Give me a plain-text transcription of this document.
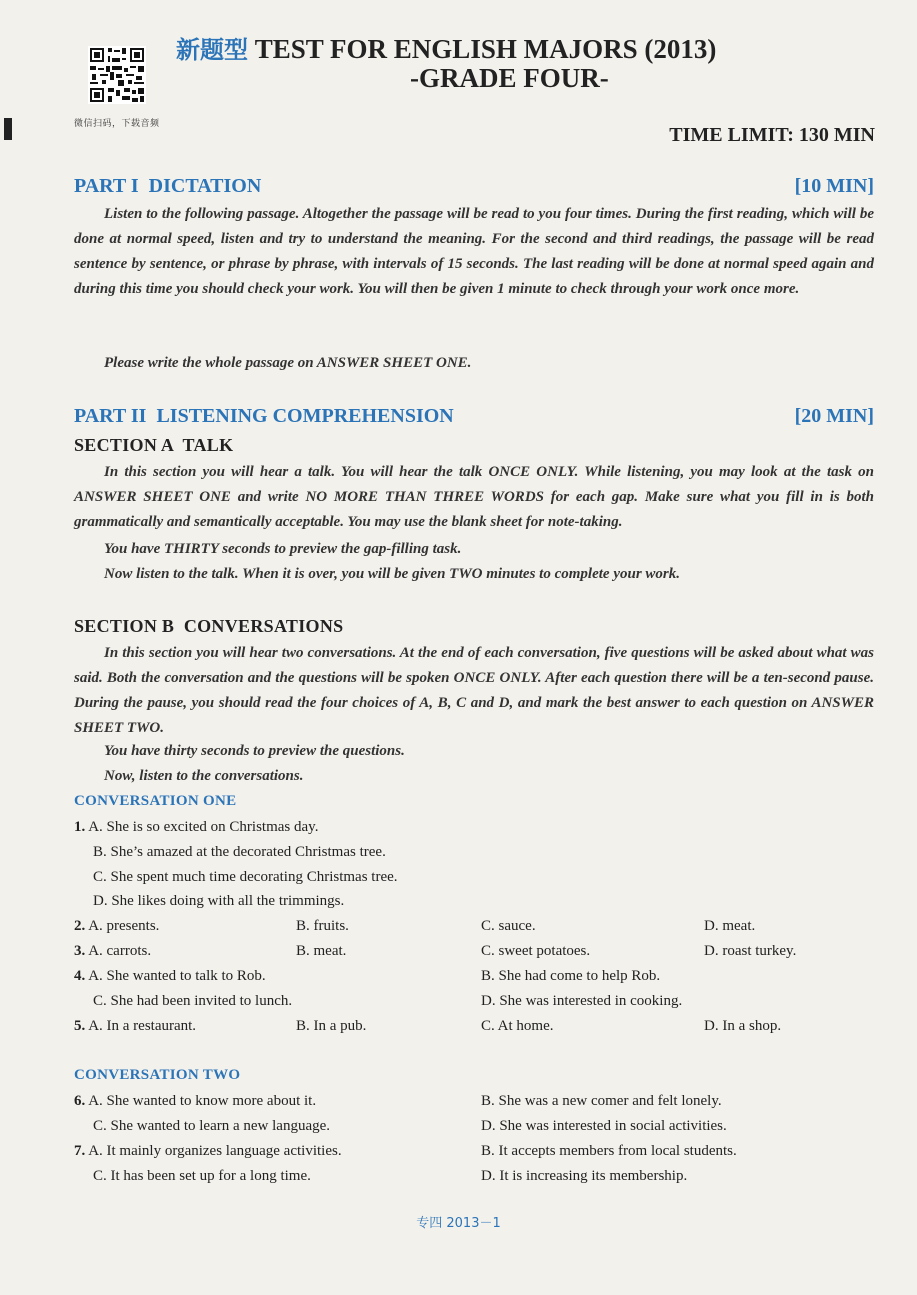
微信扫码，下载音频
新题型 TEST FOR ENGLISH MAJORS (2013)
-GRADE FOUR-
TIME LIMIT: 130 MIN
PART I  DICTATION	[10 MIN]
Listen to the following passage. Altogether the passage will be read to you four times. During the first reading, which will be done at normal speed, listen and try to understand the meaning. For the second and third readings, the passage will be read sentence by sentence, or phrase by phrase, with intervals of 15 seconds. The last reading will be done at normal speed again and during this time you should check your work. You will then be given 1 minute to check through your work once more.
Please write the whole passage on ANSWER SHEET ONE.
PART II  LISTENING COMPREHENSION	[20 MIN]
SECTION A  TALK
In this section you will hear a talk. You will hear the talk ONCE ONLY. While listening, you may look at the task on ANSWER SHEET ONE and write NO MORE THAN THREE WORDS for each gap. Make sure what you fill in is both grammatically and semantically acceptable. You may use the blank sheet for note-taking.
You have THIRTY seconds to preview the gap-filling task.
Now listen to the talk. When it is over, you will be given TWO minutes to complete your work.
SECTION B  CONVERSATIONS
In this section you will hear two conversations. At the end of each conversation, five questions will be asked about what was said. Both the conversation and the questions will be spoken ONCE ONLY. After each question there will be a ten-second pause. During the pause, you should read the four choices of A, B, C and D, and mark the best answer to each question on ANSWER SHEET TWO.
You have thirty seconds to preview the questions.
Now, listen to the conversations.
CONVERSATION ONE
1. A. She is so excited on Christmas day.
B. She’s amazed at the decorated Christmas tree.
C. She spent much time decorating Christmas tree.
D. She likes doing with all the trimmings.
2. A. presents.	B. fruits.	C. sauce.	D. meat.
3. A. carrots.	B. meat.	C. sweet potatoes.	D. roast turkey.
4. A. She wanted to talk to Rob.	B. She had come to help Rob.
C. She had been invited to lunch.	D. She was interested in cooking.
5. A. In a restaurant.	B. In a pub.	C. At home.	D. In a shop.
CONVERSATION TWO
6. A. She wanted to know more about it.	B. She was a new comer and felt lonely.
C. She wanted to learn a new language.	D. She was interested in social activities.
7. A. It mainly organizes language activities.	B. It accepts members from local students.
C. It has been set up for a long time.	D. It is increasing its membership.
专四 2013－1
